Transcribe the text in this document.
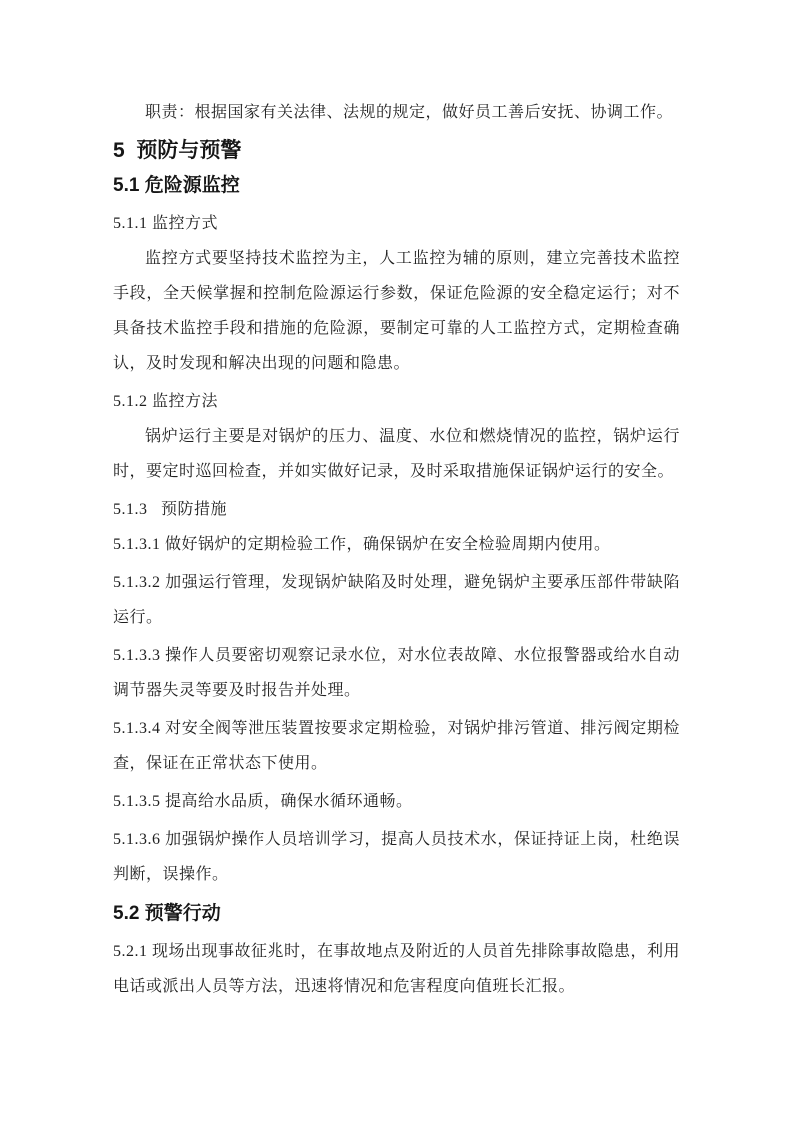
职责：根据国家有关法律、法规的规定，做好员工善后安抚、协调工作。

5  预防与预警
5.1 危险源监控

5.1.1 监控方式

监控方式要坚持技术监控为主，人工监控为辅的原则，建立完善技术监控手段，全天候掌握和控制危险源运行参数，保证危险源的安全稳定运行；对不具备技术监控手段和措施的危险源，要制定可靠的人工监控方式，定期检查确认，及时发现和解决出现的问题和隐患。

5.1.2 监控方法

锅炉运行主要是对锅炉的压力、温度、水位和燃烧情况的监控，锅炉运行时，要定时巡回检查，并如实做好记录，及时采取措施保证锅炉运行的安全。

5.1.3   预防措施

5.1.3.1 做好锅炉的定期检验工作，确保锅炉在安全检验周期内使用。

5.1.3.2 加强运行管理，发现锅炉缺陷及时处理，避免锅炉主要承压部件带缺陷运行。

5.1.3.3 操作人员要密切观察记录水位，对水位表故障、水位报警器或给水自动调节器失灵等要及时报告并处理。

5.1.3.4 对安全阀等泄压装置按要求定期检验，对锅炉排污管道、排污阀定期检查，保证在正常状态下使用。

5.1.3.5 提高给水品质，确保水循环通畅。

5.1.3.6 加强锅炉操作人员培训学习，提高人员技术水，保证持证上岗，杜绝误判断，误操作。

5.2 预警行动

5.2.1 现场出现事故征兆时，在事故地点及附近的人员首先排除事故隐患，利用电话或派出人员等方法，迅速将情况和危害程度向值班长汇报。
